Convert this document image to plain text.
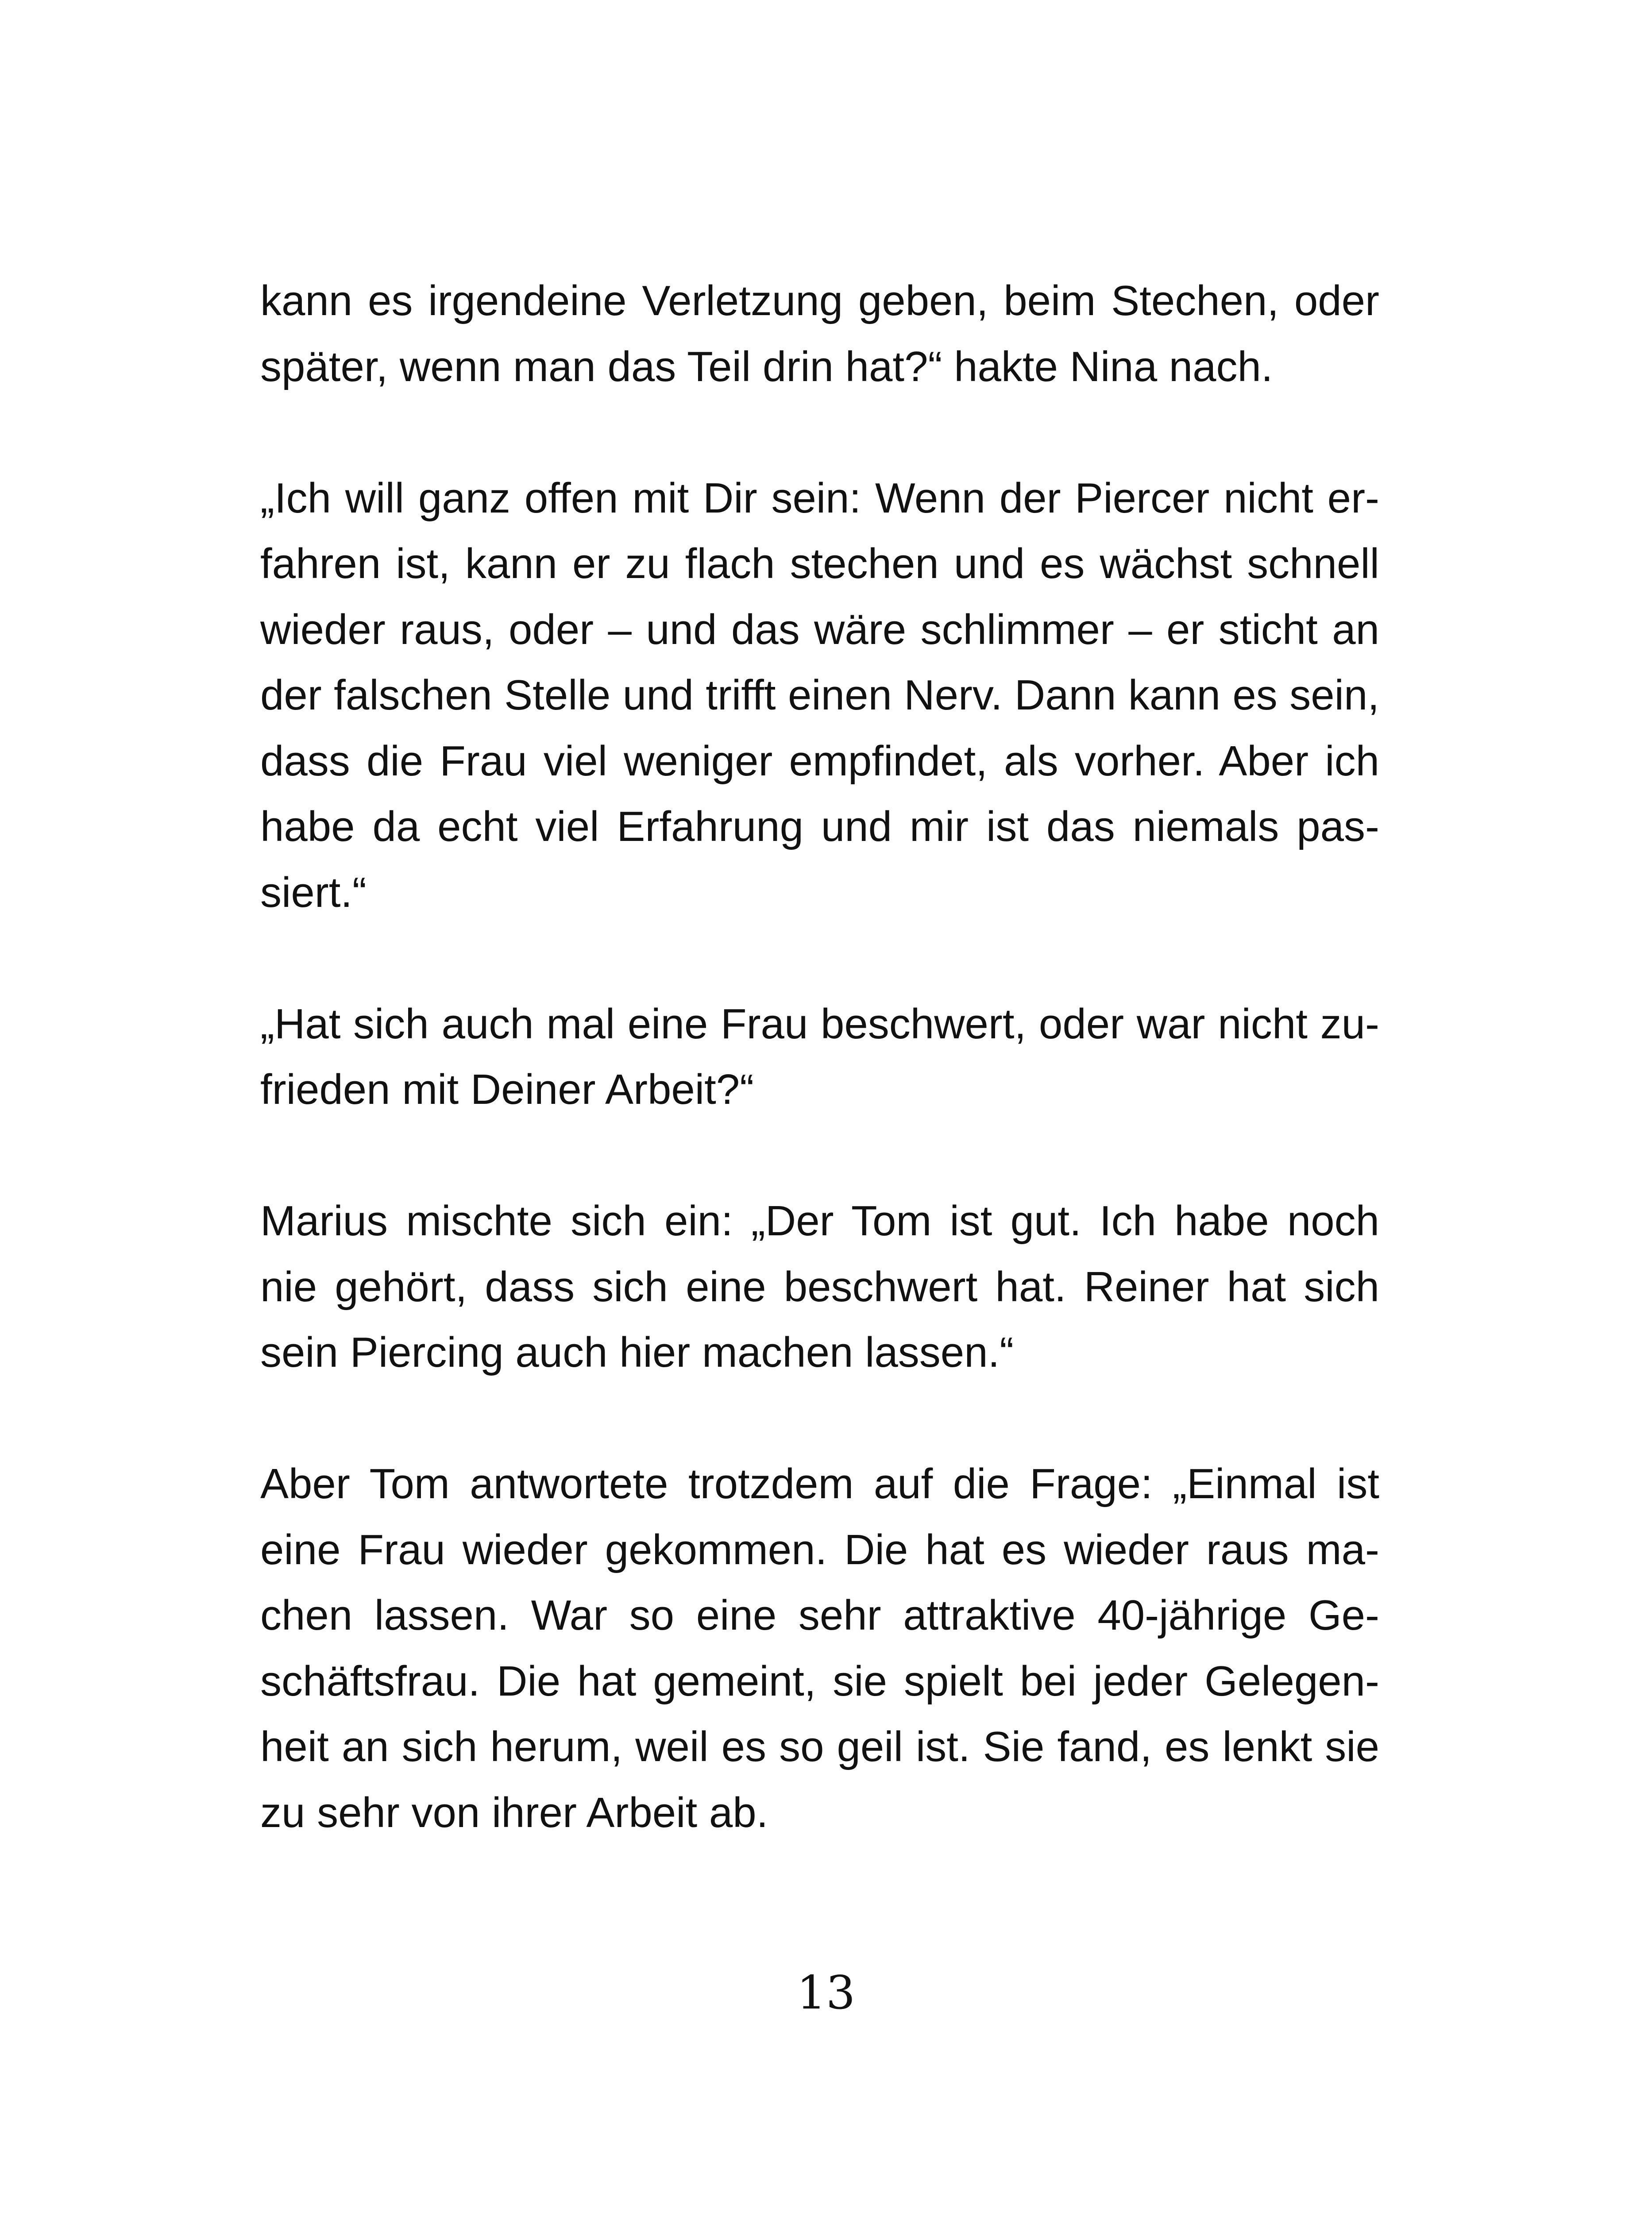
kann es irgendeine Verletzung geben, beim Stechen, oder
später, wenn man das Teil drin hat?“ hakte Nina nach.

„Ich will ganz offen mit Dir sein: Wenn der Piercer nicht er-
fahren ist, kann er zu flach stechen und es wächst schnell
wieder raus, oder – und das wäre schlimmer – er sticht an
der falschen Stelle und trifft einen Nerv. Dann kann es sein,
dass die Frau viel weniger empfindet, als vorher. Aber ich
habe da echt viel Erfahrung und mir ist das niemals pas-
siert.“

„Hat sich auch mal eine Frau beschwert, oder war nicht zu-
frieden mit Deiner Arbeit?“

Marius mischte sich ein: „Der Tom ist gut. Ich habe noch
nie gehört, dass sich eine beschwert hat. Reiner hat sich
sein Piercing auch hier machen lassen.“

Aber Tom antwortete trotzdem auf die Frage: „Einmal ist
eine Frau wieder gekommen. Die hat es wieder raus ma-
chen lassen. War so eine sehr attraktive 40-jährige Ge-
schäftsfrau. Die hat gemeint, sie spielt bei jeder Gelegen-
heit an sich herum, weil es so geil ist. Sie fand, es lenkt sie
zu sehr von ihrer Arbeit ab.

13
